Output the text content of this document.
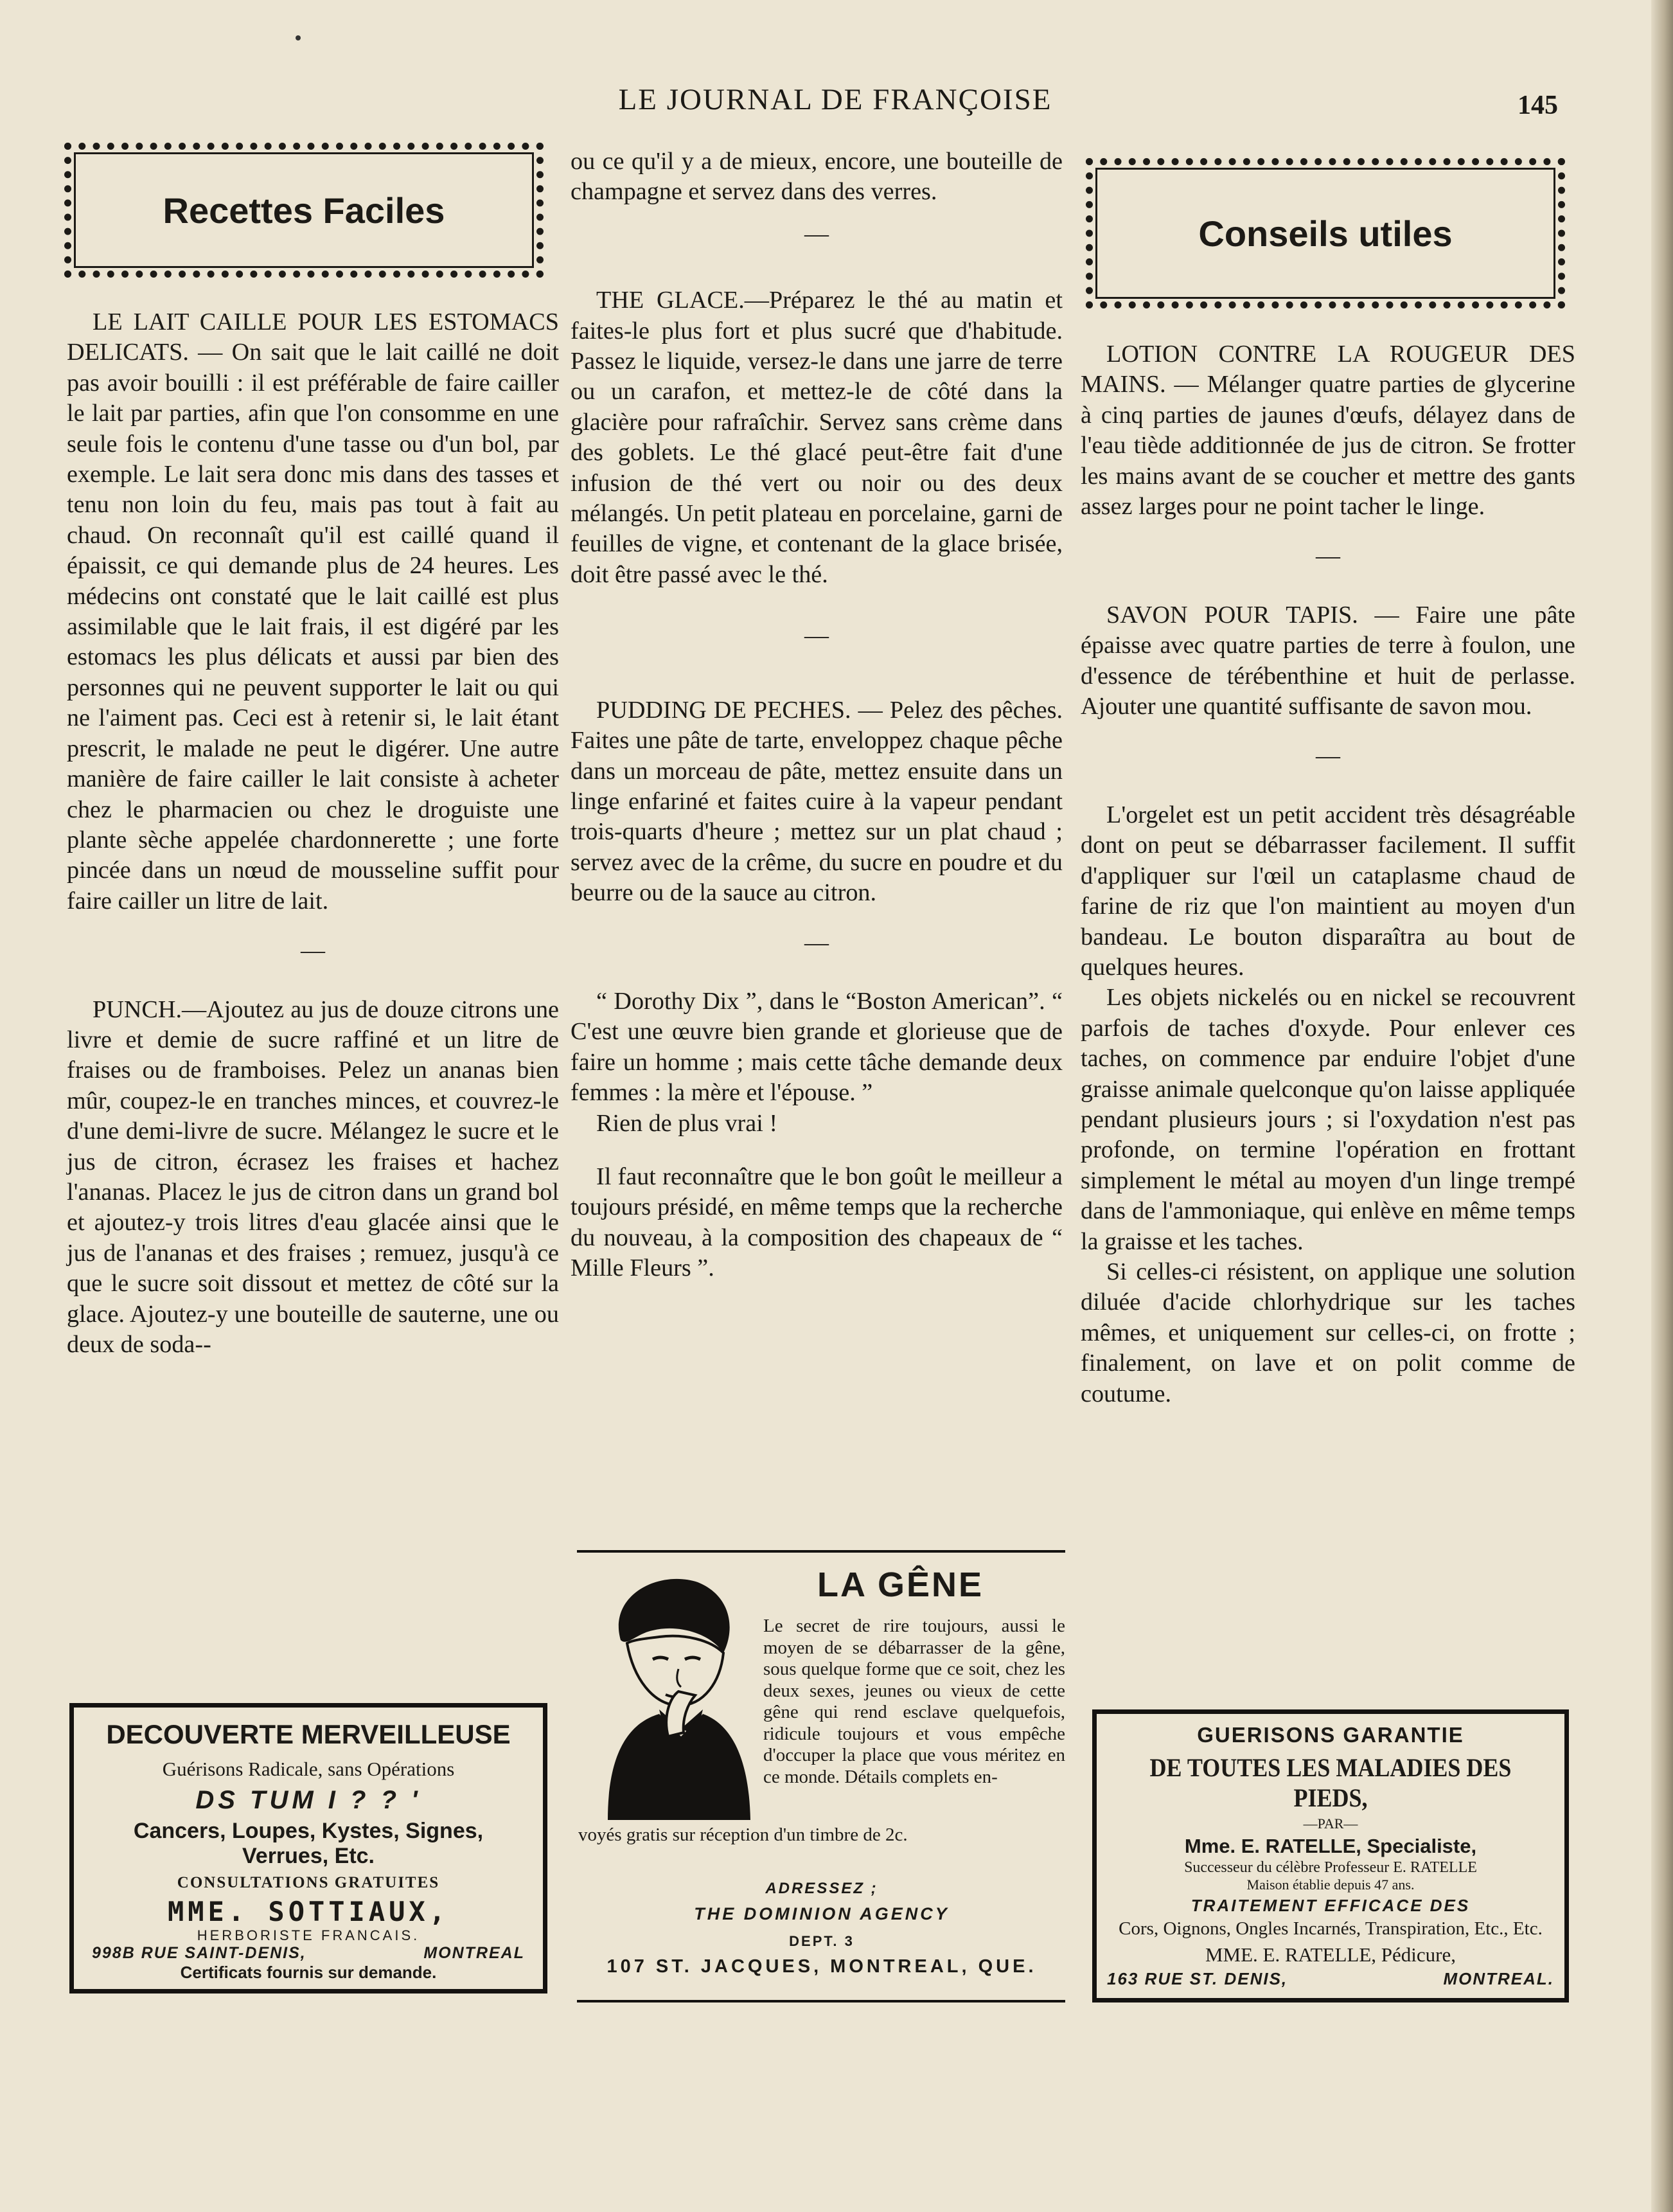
LE JOURNAL DE FRANÇOISE	145
Recettes Faciles

LE LAIT CAILLE POUR LES ESTOMACS DELICATS. — On sait que le lait caillé ne doit pas avoir bouilli : il est préférable de faire cailler le lait par parties, afin que l'on consomme en une seule fois le contenu d'une tasse ou d'un bol, par exemple. Le lait sera donc mis dans des tasses et tenu non loin du feu, mais pas tout à fait au chaud. On reconnaît qu'il est caillé quand il épaissit, ce qui demande plus de 24 heures. Les médecins ont constaté que le lait caillé est plus assimilable que le lait frais, il est digéré par les estomacs les plus délicats et aussi par bien des personnes qui ne peuvent supporter le lait ou qui ne l'aiment pas. Ceci est à retenir si, le lait étant prescrit, le malade ne peut le digérer. Une autre manière de faire cailler le lait consiste à acheter chez le pharmacien ou chez le droguiste une plante sèche appelée chardonnerette ; une forte pincée dans un nœud de mousseline suffit pour faire cailler un litre de lait.

—

PUNCH.—Ajoutez au jus de douze citrons une livre et demie de sucre raffiné et un litre de fraises ou de framboises. Pelez un ananas bien mûr, coupez-le en tranches minces, et couvrez-le d'une demi-livre de sucre. Mélangez le sucre et le jus de citron, écrasez les fraises et hachez l'ananas. Placez le jus de citron dans un grand bol et ajoutez-y trois litres d'eau glacée ainsi que le jus de l'ananas et des fraises ; remuez, jusqu'à ce que le sucre soit dissout et mettez de côté sur la glace. Ajoutez-y une bouteille de sauterne, une ou deux de soda--

ou ce qu'il y a de mieux, encore, une bouteille de champagne et servez dans des verres.

—

THE GLACE.—Préparez le thé au matin et faites-le plus fort et plus sucré que d'habitude. Passez le liquide, versez-le dans une jarre de terre ou un carafon, et mettez-le de côté dans la glacière pour rafraîchir. Servez sans crème dans des goblets. Le thé glacé peut-être fait d'une infusion de thé vert ou noir ou des deux mélangés. Un petit plateau en porcelaine, garni de feuilles de vigne, et contenant de la glace brisée, doit être passé avec le thé.

—

PUDDING DE PECHES. — Pelez des pêches. Faites une pâte de tarte, enveloppez chaque pêche dans un morceau de pâte, mettez ensuite dans un linge enfariné et faites cuire à la vapeur pendant trois-quarts d'heure ; mettez sur un plat chaud ; servez avec de la crême, du sucre en poudre et du beurre ou de la sauce au citron.

—

“ Dorothy Dix ”, dans le “Boston American”. “ C'est une œuvre bien grande et glorieuse que de faire un homme ; mais cette tâche demande deux femmes : la mère et l'épouse. ”

Rien de plus vrai !

Il faut reconnaître que le bon goût le meilleur a toujours présidé, en même temps que la recherche du nouveau, à la composition des chapeaux de “ Mille Fleurs ”.

Conseils utiles

LOTION CONTRE LA ROUGEUR DES MAINS. — Mélanger quatre parties de glycerine à cinq parties de jaunes d'œufs, délayez dans de l'eau tiède additionnée de jus de citron. Se frotter les mains avant de se coucher et mettre des gants assez larges pour ne point tacher le linge.

—

SAVON POUR TAPIS. — Faire une pâte épaisse avec quatre parties de terre à foulon, une d'essence de térébenthine et huit de perlasse. Ajouter une quantité suffisante de savon mou.

—

L'orgelet est un petit accident très désagréable dont on peut se débarrasser facilement. Il suffit d'appliquer sur l'œil un cataplasme chaud de farine de riz que l'on maintient au moyen d'un bandeau. Le bouton disparaîtra au bout de quelques heures.

Les objets nickelés ou en nickel se recouvrent parfois de taches d'oxyde. Pour enlever ces taches, on commence par enduire l'objet d'une graisse animale quelconque qu'on laisse appliquée pendant plusieurs jours ; si l'oxydation n'est pas profonde, on termine l'opération en frottant simplement le métal au moyen d'un linge trempé dans de l'ammoniaque, qui enlève en même temps la graisse et les taches.

Si celles-ci résistent, on applique une solution diluée d'acide chlorhydrique sur les taches mêmes, et uniquement sur celles-ci, on frotte ; finalement, on lave et on polit comme de coutume.

DECOUVERTE MERVEILLEUSE
Guérisons Radicale, sans Opérations
DS TUM I ? ? '
Cancers, Loupes, Kystes, Signes,
Verrues, Etc.
CONSULTATIONS GRATUITES
MME. SOTTIAUX,
HERBORISTE FRANCAIS.
998B RUE SAINT-DENIS,	MONTREAL
Certificats fournis sur demande.
LA GÊNE
Le secret de rire toujours, aussi le moyen de se débarrasser de la gêne, sous quelque forme que ce soit, chez les deux sexes, jeunes ou vieux de cette gêne qui rend esclave quelquefois, ridicule toujours et vous empêche d'occuper la place que vous méritez en ce monde. Détails complets en-
voyés gratis sur réception d'un timbre de 2c.
ADRESSEZ ;
THE DOMINION AGENCY
DEPT. 3
107 ST. JACQUES, MONTREAL, QUE.
GUERISONS GARANTIE
DE TOUTES LES MALADIES DES PIEDS,
—PAR—
Mme. E. RATELLE, Specialiste,
Successeur du célèbre Professeur E. RATELLE
Maison établie depuis 47 ans.
TRAITEMENT EFFICACE DES
Cors, Oignons, Ongles Incarnés, Transpiration, Etc., Etc.
MME. E. RATELLE, Pédicure,
163 RUE ST. DENIS,	MONTREAL.
